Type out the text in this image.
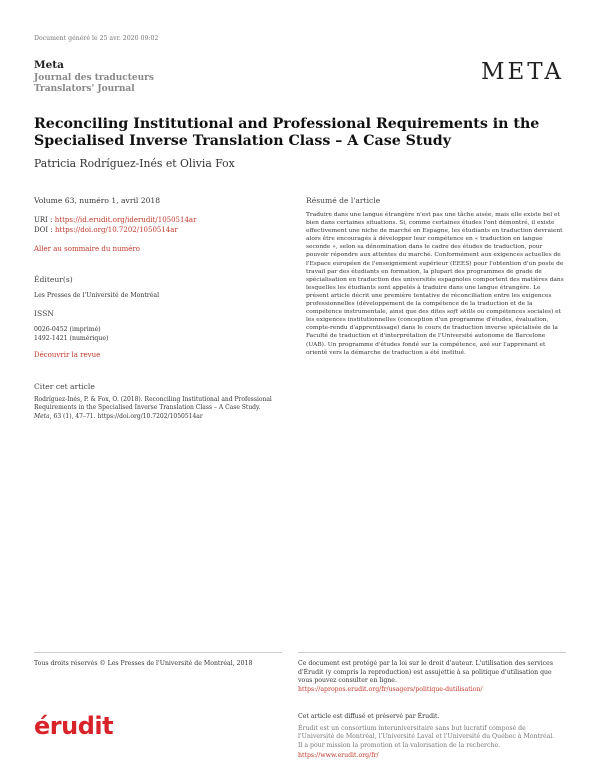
Document généré le 25 avr. 2020 09:02
Meta
Journal des traducteurs
Translators' Journal
META
Reconciling Institutional and Professional Requirements in the Specialised Inverse Translation Class – A Case Study
Patricia Rodríguez-Inés et Olivia Fox
Volume 63, numéro 1, avril 2018
URI : https://id.erudit.org/iderudit/1050514ar
DOI : https://doi.org/10.7202/1050514ar
Aller au sommaire du numéro
Éditeur(s)
Les Presses de l'Université de Montréal
ISSN
0026-0452 (imprimé)
1492-1421 (numérique)
Découvrir la revue
Citer cet article
Rodríguez-Inés, P. & Fox, O. (2018). Reconciling Institutional and Professional Requirements in the Specialised Inverse Translation Class – A Case Study. Meta, 63 (1), 47–71. https://doi.org/10.7202/1050514ar
Résumé de l'article
Traduire dans une langue étrangère n'est pas une tâche aisée, mais elle existe bel et bien dans certaines situations. Si, comme certaines études l'ont démontré, il existe effectivement une niche de marché en Espagne, les étudiants en traduction devraient alors être encouragés à développer leur compétence en « traduction en langue seconde », selon sa dénomination dans le cadre des études de traduction, pour pouvoir répondre aux attentes du marché. Conformément aux exigences actuelles de l'Espace européen de l'enseignement supérieur (EEES) pour l'obtention d'un poste de travail par des étudiants en formation, la plupart des programmes de grade de spécialisation en traduction des universités espagnoles comportent des matières dans lesquelles les étudiants sont appelés à traduire dans une langue étrangère. Le présent article décrit une première tentative de réconciliation entre les exigences professionnelles (développement de la compétence de la traduction et de la compétence instrumentale, ainsi que des dites soft skills ou compétences sociales) et les exigences institutionnelles (conception d'un programme d'études, évaluation, compte-rendu d'apprentissage) dans le cours de traduction inverse spécialisée de la Faculté de traduction et d'interprétation de l'Université autonome de Barcelone (UAB). Un programme d'études fondé sur la compétence, axé sur l'apprenant et orienté vers la démarche de traduction a été institué.
Tous droits réservés © Les Presses de l'Université de Montréal, 2018	Ce document est protégé par la loi sur le droit d'auteur. L'utilisation des services d'Érudit (y compris la reproduction) est assujettie à sa politique d'utilisation que vous pouvez consulter en ligne.
https://apropos.erudit.org/fr/usagers/politique-dutilisation/
érudit	Cet article est diffusé et préservé par Érudit.
Érudit est un consortium interuniversitaire sans but lucratif composé de l'Université de Montréal, l'Université Laval et l'Université du Québec à Montréal. Il a pour mission la promotion et la valorisation de la recherche.
https://www.erudit.org/fr/
